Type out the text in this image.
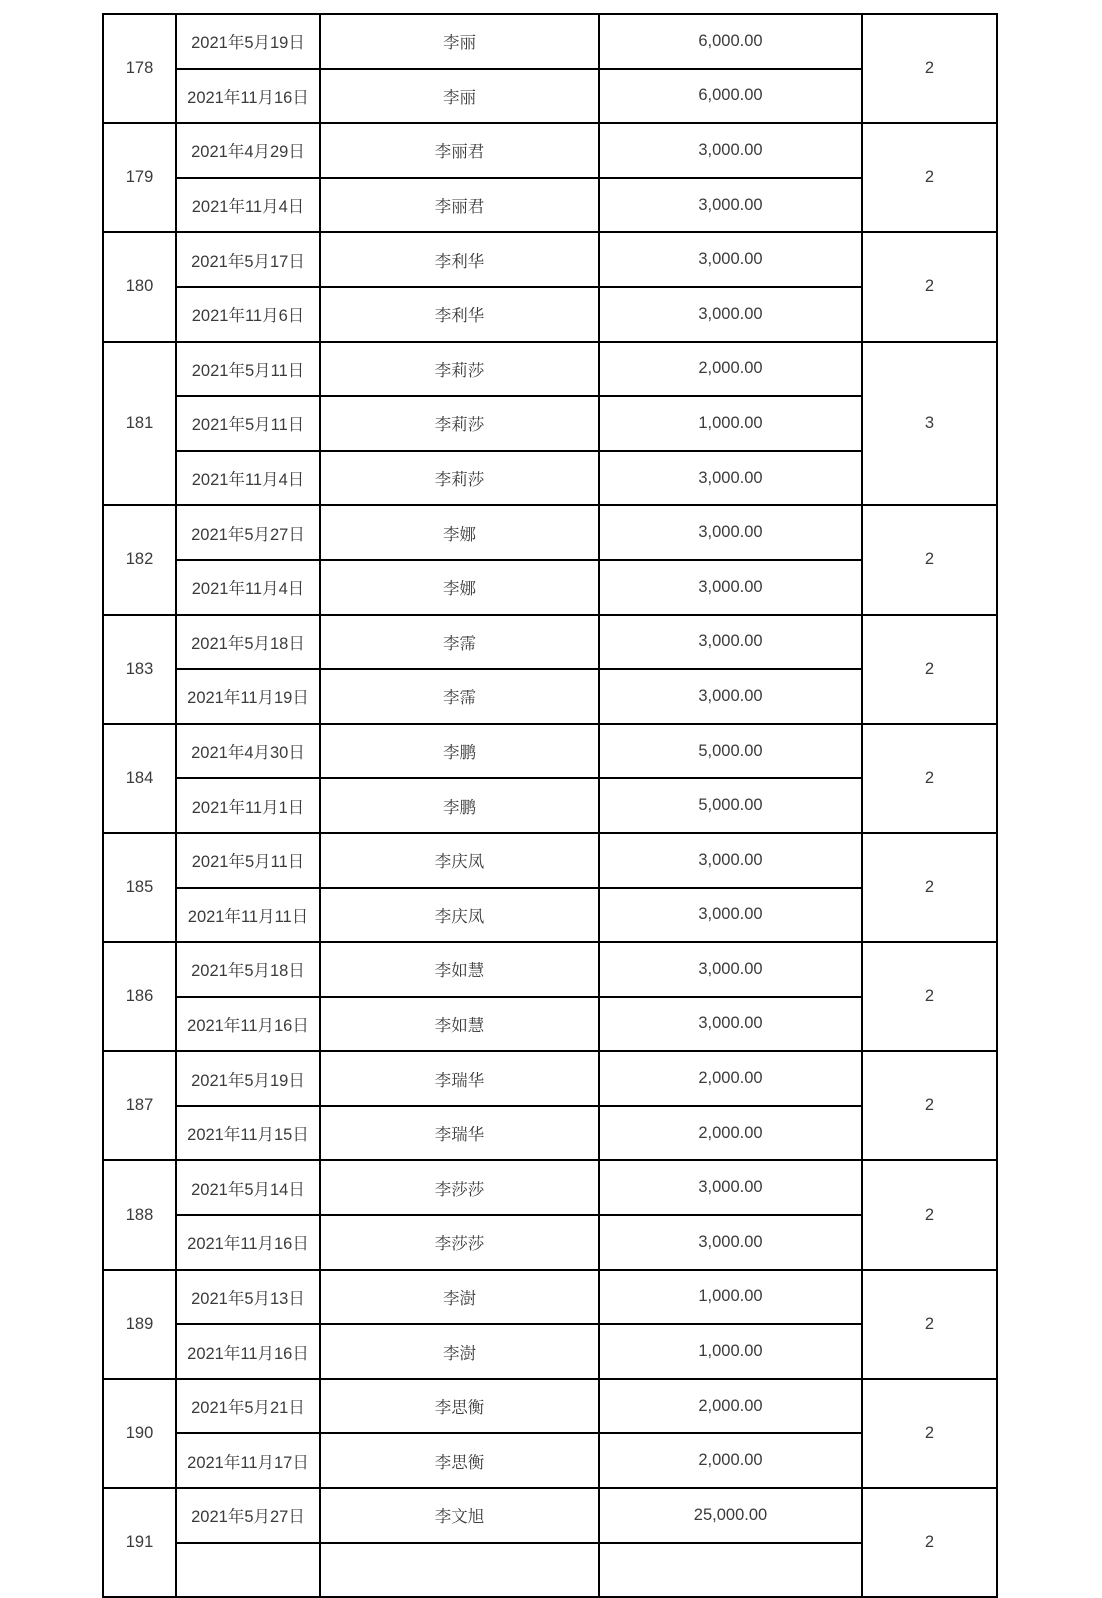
178	2021年5月19日	李丽	6,000.00	2
	2021年11月16日	李丽	6,000.00	
179	2021年4月29日	李丽君	3,000.00	2
	2021年11月4日	李丽君	3,000.00	
180	2021年5月17日	李利华	3,000.00	2
	2021年11月6日	李利华	3,000.00	
181	2021年5月11日	李莉莎	2,000.00	3
	2021年5月11日	李莉莎	1,000.00	
	2021年11月4日	李莉莎	3,000.00	
182	2021年5月27日	李娜	3,000.00	2
	2021年11月4日	李娜	3,000.00	
183	2021年5月18日	李霈	3,000.00	2
	2021年11月19日	李霈	3,000.00	
184	2021年4月30日	李鹏	5,000.00	2
	2021年11月1日	李鹏	5,000.00	
185	2021年5月11日	李庆凤	3,000.00	2
	2021年11月11日	李庆凤	3,000.00	
186	2021年5月18日	李如慧	3,000.00	2
	2021年11月16日	李如慧	3,000.00	
187	2021年5月19日	李瑞华	2,000.00	2
	2021年11月15日	李瑞华	2,000.00	
188	2021年5月14日	李莎莎	3,000.00	2
	2021年11月16日	李莎莎	3,000.00	
189	2021年5月13日	李澍	1,000.00	2
	2021年11月16日	李澍	1,000.00	
190	2021年5月21日	李思衡	2,000.00	2
	2021年11月17日	李思衡	2,000.00	
191	2021年5月27日	李文旭	25,000.00	2
